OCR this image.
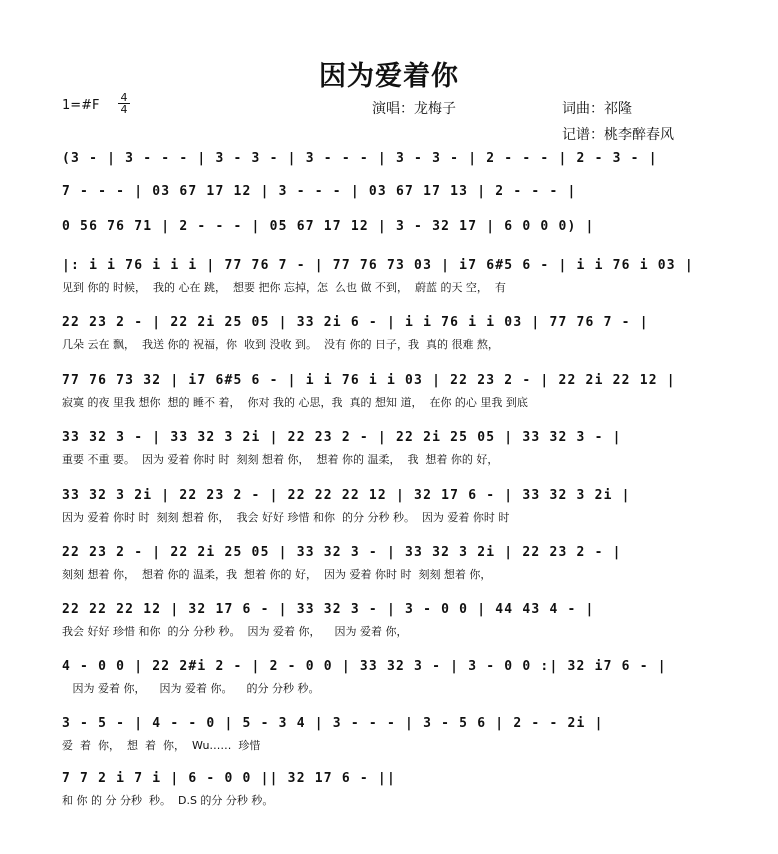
因为爱着你
1=#F
4
4	演唱：龙梅子	词曲：祁隆
记谱：桃李醉春风
(3 - | 3 - - - | 3 - 3 - | 3 - - - | 3 - 3 - | 2 - - - | 2 - 3 - |
7 - - - | 03 67 17 12 | 3 - - - | 03 67 17 13 | 2 - - - |
0 56 76 71 | 2 - - - | 05 67 17 12 | 3 - 32 17 | 6 0 0 0) |
|: i i 76 i i i | 77 76 7 - | 77 76 73 03 | i7 6#5 6 - | i i 76 i 03 |
见到 你的 时候，  我的 心在 跳，  想要 把你 忘掉，怎  么也 做 不到，  蔚蓝 的天 空，  有
22 23 2 - | 22 2i 25 05 | 33 2i 6 - | i i 76 i i 03 | 77 76 7 - |
几朵 云在 飘，  我送 你的 祝福，你  收到 没收 到。  没有 你的 日子，我  真的 很难 熬，
77 76 73 32 | i7 6#5 6 - | i i 76 i i 03 | 22 23 2 - | 22 2i 22 12 |
寂寞 的夜 里我 想你  想的 睡不 着，  你对 我的 心思，我  真的 想知 道，  在你 的心 里我 到底
33 32 3 - | 33 32 3 2i | 22 23 2 - | 22 2i 25 05 | 33 32 3 - |
重要 不重 要。  因为 爱着 你时 时  刻刻 想着 你，  想着 你的 温柔，  我  想着 你的 好，
33 32 3 2i | 22 23 2 - | 22 22 22 12 | 32 17 6 - | 33 32 3 2i |
因为 爱着 你时 时  刻刻 想着 你，  我会 好好 珍惜 和你  的分 分秒 秒。  因为 爱着 你时 时
22 23 2 - | 22 2i 25 05 | 33 32 3 - | 33 32 3 2i | 22 23 2 - |
刻刻 想着 你，  想着 你的 温柔，我  想着 你的 好，  因为 爱着 你时 时  刻刻 想着 你，
22 22 22 12 | 32 17 6 - | 33 32 3 - | 3 - 0 0 | 44 43 4 - |
我会 好好 珍惜 和你  的分 分秒 秒。  因为 爱着 你，    因为 爱着 你，
4 - 0 0 | 22 2#i 2 - | 2 - 0 0 | 33 32 3 - | 3 - 0 0 :| 32 i7 6 - |
因为 爱着 你，    因为 爱着 你。    的分 分秒 秒。
3 - 5 - | 4 - - 0 | 5 - 3 4 | 3 - - - | 3 - 5 6 | 2 - - 2i |
爱  着  你，  想  着  你，  Wu……  珍惜
7 7 2 i 7 i | 6 - 0 0 || 32 17 6 - ||
和 你 的 分 分秒  秒。  D.S 的分 分秒 秒。
